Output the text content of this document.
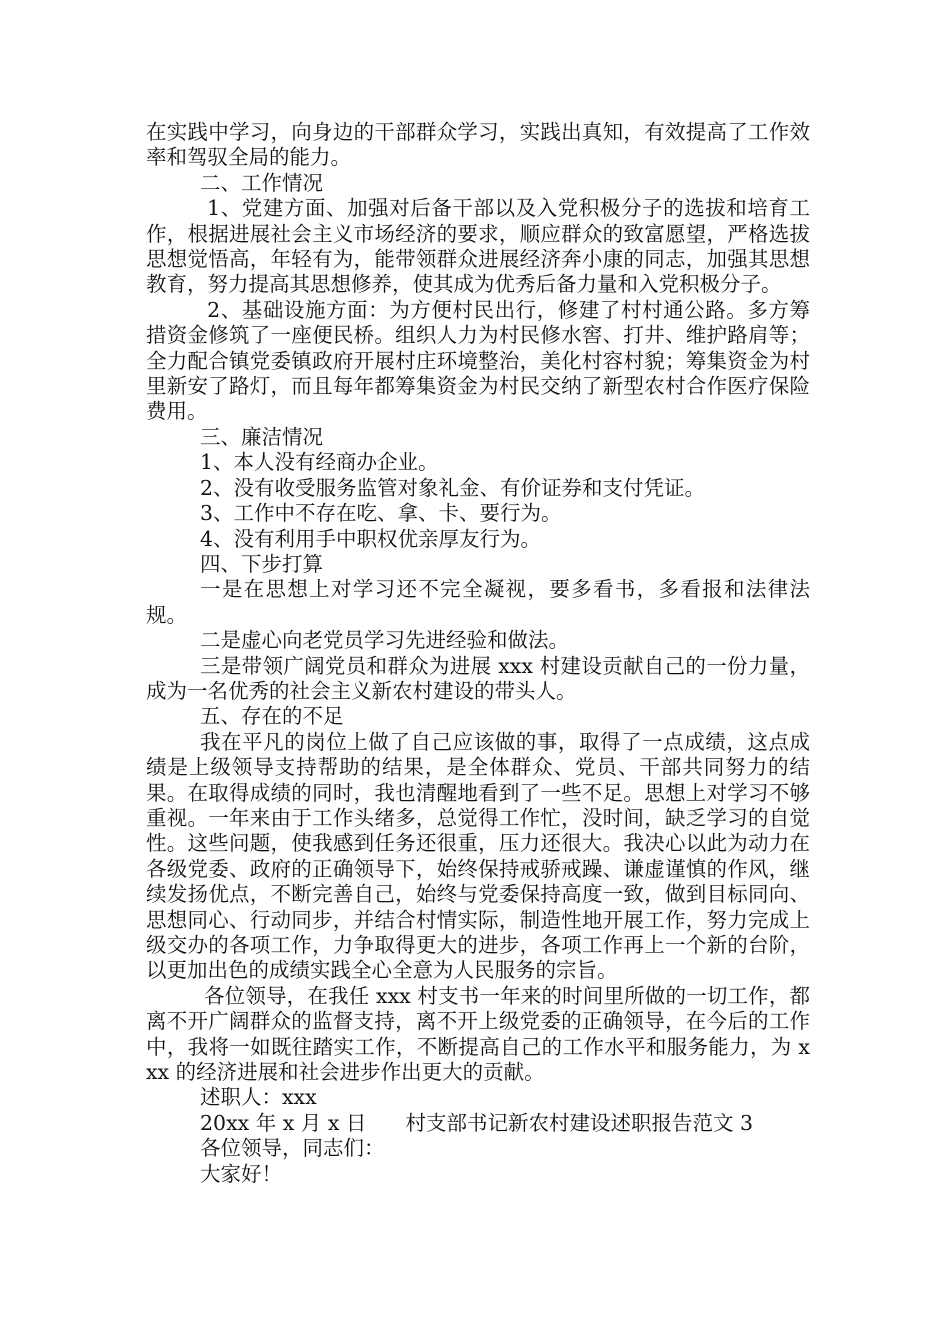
在实践中学习，向身边的干部群众学习，实践出真知，有效提高了工作效率和驾驭全局的能力。

二、工作情况

1、党建方面、加强对后备干部以及入党积极分子的选拔和培育工作，根据进展社会主义市场经济的要求，顺应群众的致富愿望，严格选拔思想觉悟高，年轻有为，能带领群众进展经济奔小康的同志，加强其思想教育，努力提高其思想修养，使其成为优秀后备力量和入党积极分子。

2、基础设施方面：为方便村民出行，修建了村村通公路。多方筹措资金修筑了一座便民桥。组织人力为村民修水窖、打井、维护路肩等；全力配合镇党委镇政府开展村庄环境整治，美化村容村貌；筹集资金为村里新安了路灯，而且每年都筹集资金为村民交纳了新型农村合作医疗保险费用。

三、廉洁情况

1、本人没有经商办企业。

2、没有收受服务监管对象礼金、有价证券和支付凭证。

3、工作中不存在吃、拿、卡、要行为。

4、没有利用手中职权优亲厚友行为。

四、下步打算

一是在思想上对学习还不完全凝视，要多看书，多看报和法律法规。

二是虚心向老党员学习先进经验和做法。

三是带领广阔党员和群众为进展 xxx 村建设贡献自己的一份力量，成为一名优秀的社会主义新农村建设的带头人。

五、存在的不足

我在平凡的岗位上做了自己应该做的事，取得了一点成绩，这点成绩是上级领导支持帮助的结果，是全体群众、党员、干部共同努力的结果。在取得成绩的同时，我也清醒地看到了一些不足。思想上对学习不够重视。一年来由于工作头绪多，总觉得工作忙，没时间，缺乏学习的自觉性。这些问题，使我感到任务还很重，压力还很大。我决心以此为动力在各级党委、政府的正确领导下，始终保持戒骄戒躁、谦虚谨慎的作风，继续发扬优点，不断完善自己，始终与党委保持高度一致，做到目标同向、思想同心、行动同步，并结合村情实际，制造性地开展工作，努力完成上级交办的各项工作，力争取得更大的进步，各项工作再上一个新的台阶，以更加出色的成绩实践全心全意为人民服务的宗旨。

各位领导，在我任 xxx 村支书一年来的时间里所做的一切工作，都离不开广阔群众的监督支持，离不开上级党委的正确领导，在今后的工作中，我将一如既往踏实工作，不断提高自己的工作水平和服务能力，为 xxx 的经济进展和社会进步作出更大的贡献。

述职人：xxx

20xx 年 x 月 x 日      村支部书记新农村建设述职报告范文 3

各位领导，同志们：

大家好！
